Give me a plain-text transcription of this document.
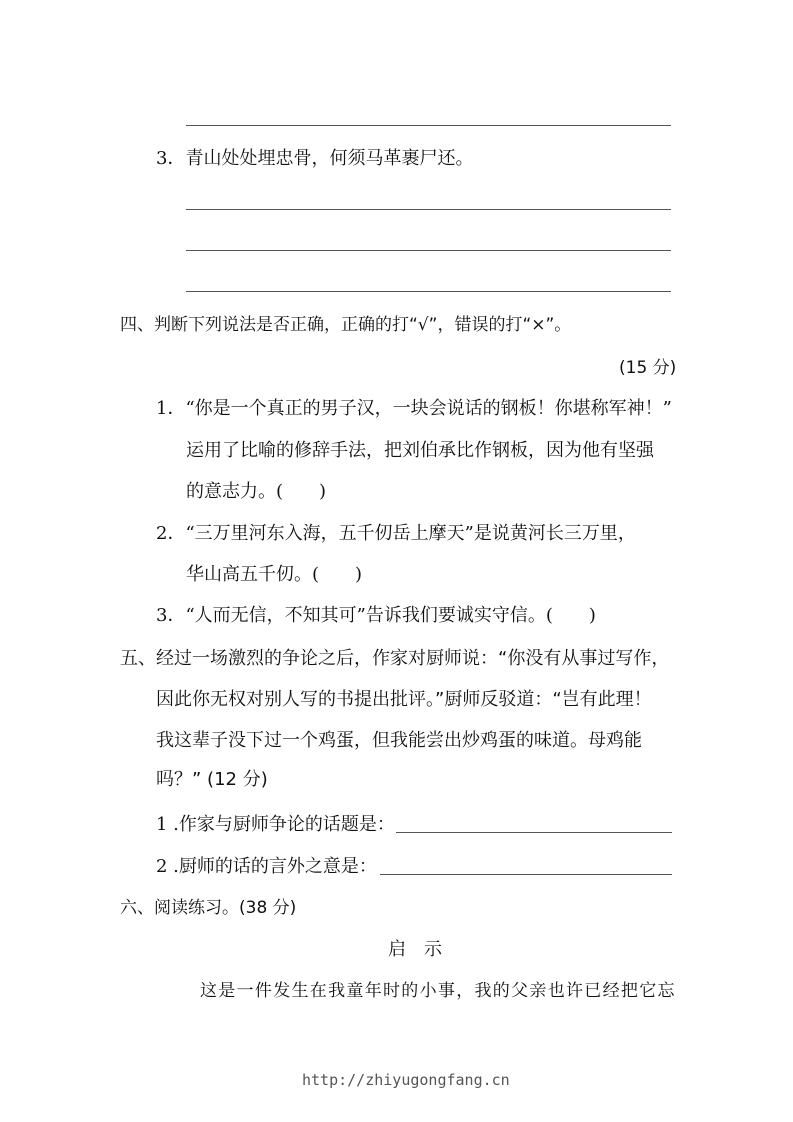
3．青山处处埋忠骨，何须马革裹尸还。
四、判断下列说法是否正确，正确的打“√”，错误的打“×”。
(15 分)
1．“你是一个真正的男子汉，一块会说话的钢板！你堪称军神！”
运用了比喻的修辞手法，把刘伯承比作钢板，因为他有坚强
的意志力。(　　)
2．“三万里河东入海，五千仞岳上摩天”是说黄河长三万里，
华山高五千仞。(　　)
3．“人而无信，不知其可”告诉我们要诚实守信。(　　)
五、经过一场激烈的争论之后，作家对厨师说：“你没有从事过写作，
因此你无权对别人写的书提出批评。”厨师反驳道：“岂有此理！
我这辈子没下过一个鸡蛋，但我能尝出炒鸡蛋的味道。母鸡能
吗？” (12 分)
1 .作家与厨师争论的话题是：
2 .厨师的话的言外之意是：
六、阅读练习。(38 分)
启　示
这是一件发生在我童年时的小事，我的父亲也许已经把它忘
http://zhiyugongfang.cn
